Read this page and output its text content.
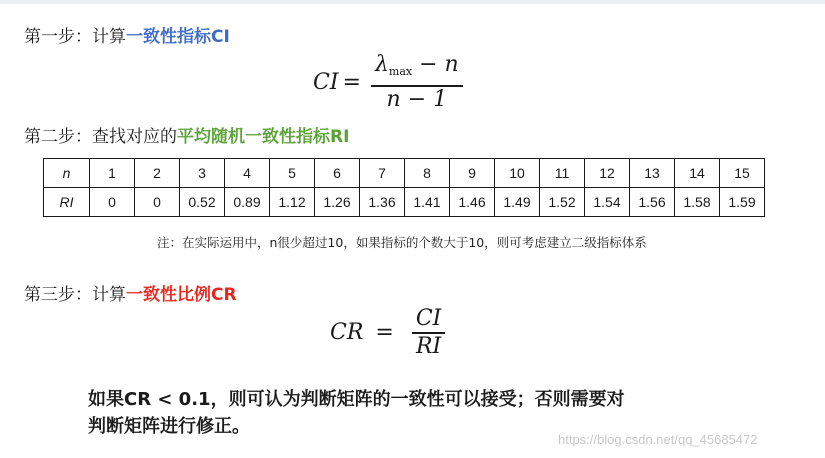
第一步：计算一致性指标CI
CI = $\frac{\lambda_{max} - n}{n - 1}$
第二步：查找对应的平均随机一致性指标RI
n	1	2	3	4	5	6	7	8	9	10	11	12	13	14	15
RI	0	0	0.52	0.89	1.12	1.26	1.36	1.41	1.46	1.49	1.52	1.54	1.56	1.58	1.59
注：在实际运用中，n很少超过10，如果指标的个数大于10，则可考虑建立二级指标体系
第三步：计算一致性比例CR
CR = $\frac{CI}{RI}$
如果CR < 0.1，则可认为判断矩阵的一致性可以接受；否则需要对
判断矩阵进行修正。
https://blog.csdn.net/qq_45685472
